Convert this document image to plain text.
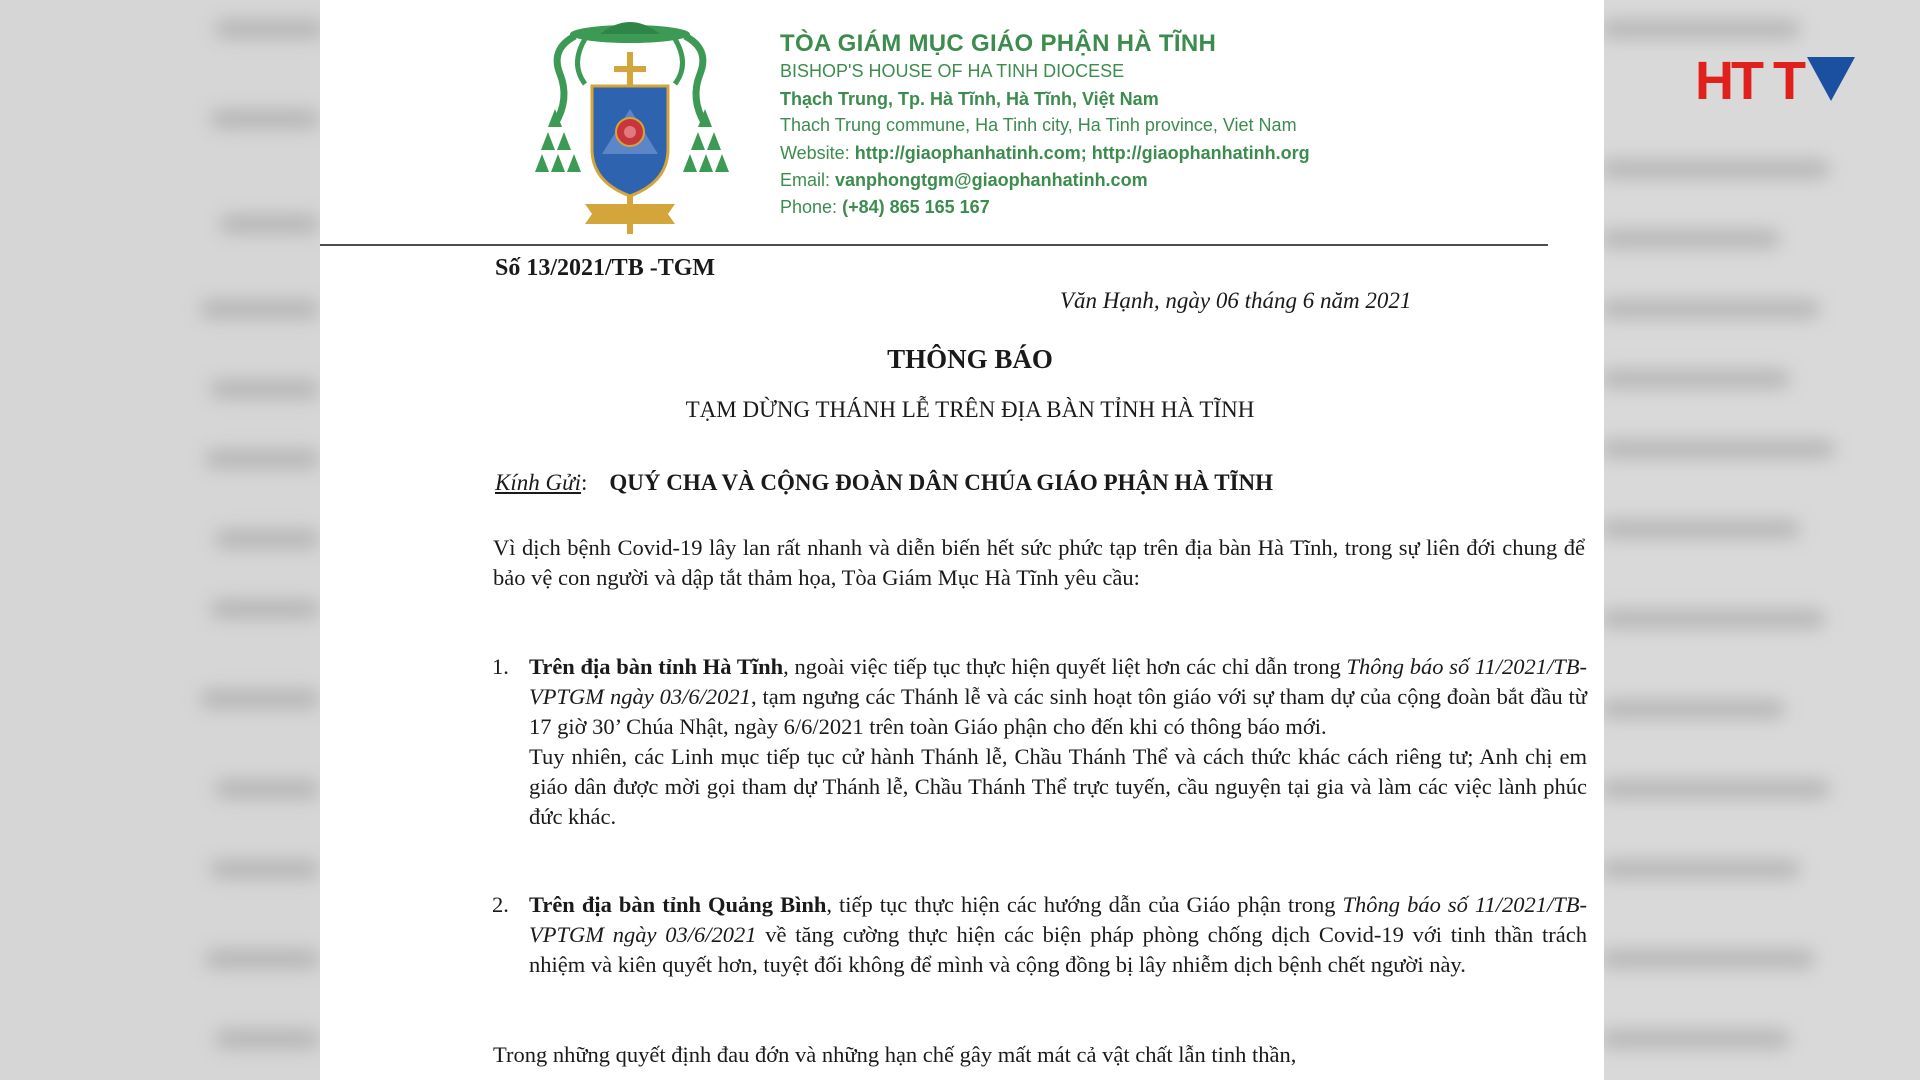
TÒA GIÁM MỤC GIÁO PHẬN HÀ TĨNH
BISHOP'S HOUSE OF HA TINH DIOCESE
Thạch Trung, Tp. Hà Tĩnh, Hà Tĩnh, Việt Nam
Thach Trung commune, Ha Tinh city, Ha Tinh province, Viet Nam
Website: http://giaophanhatinh.com; http://giaophanhatinh.org
Email: vanphongtgm@giaophanhatinh.com
Phone: (+84) 865 165 167
Số 13/2021/TB -TGM
Văn Hạnh, ngày 06 tháng 6 năm 2021
THÔNG BÁO
TẠM DỪNG THÁNH LỄ TRÊN ĐỊA BÀN TỈNH HÀ TĨNH
Kính Gửi: QUÝ CHA VÀ CỘNG ĐOÀN DÂN CHÚA GIÁO PHẬN HÀ TĨNH
Vì dịch bệnh Covid-19 lây lan rất nhanh và diễn biến hết sức phức tạp trên địa bàn Hà Tĩnh, trong sự liên đới chung để bảo vệ con người và dập tắt thảm họa, Tòa Giám Mục Hà Tĩnh yêu cầu:
1. Trên địa bàn tỉnh Hà Tĩnh, ngoài việc tiếp tục thực hiện quyết liệt hơn các chỉ dẫn trong Thông báo số 11/2021/TB-VPTGM ngày 03/6/2021, tạm ngưng các Thánh lễ và các sinh hoạt tôn giáo với sự tham dự của cộng đoàn bắt đầu từ 17 giờ 30’ Chúa Nhật, ngày 6/6/2021 trên toàn Giáo phận cho đến khi có thông báo mới.
Tuy nhiên, các Linh mục tiếp tục cử hành Thánh lễ, Chầu Thánh Thể và cách thức khác cách riêng tư; Anh chị em giáo dân được mời gọi tham dự Thánh lễ, Chầu Thánh Thể trực tuyến, cầu nguyện tại gia và làm các việc lành phúc đức khác.
2. Trên địa bàn tỉnh Quảng Bình, tiếp tục thực hiện các hướng dẫn của Giáo phận trong Thông báo số 11/2021/TB-VPTGM ngày 03/6/2021 về tăng cường thực hiện các biện pháp phòng chống dịch Covid-19 với tinh thần trách nhiệm và kiên quyết hơn, tuyệt đối không để mình và cộng đồng bị lây nhiễm dịch bệnh chết người này.
Trong những quyết định đau đớn và những hạn chế gây mất mát cả vật chất lẫn tinh thần,
HT T
